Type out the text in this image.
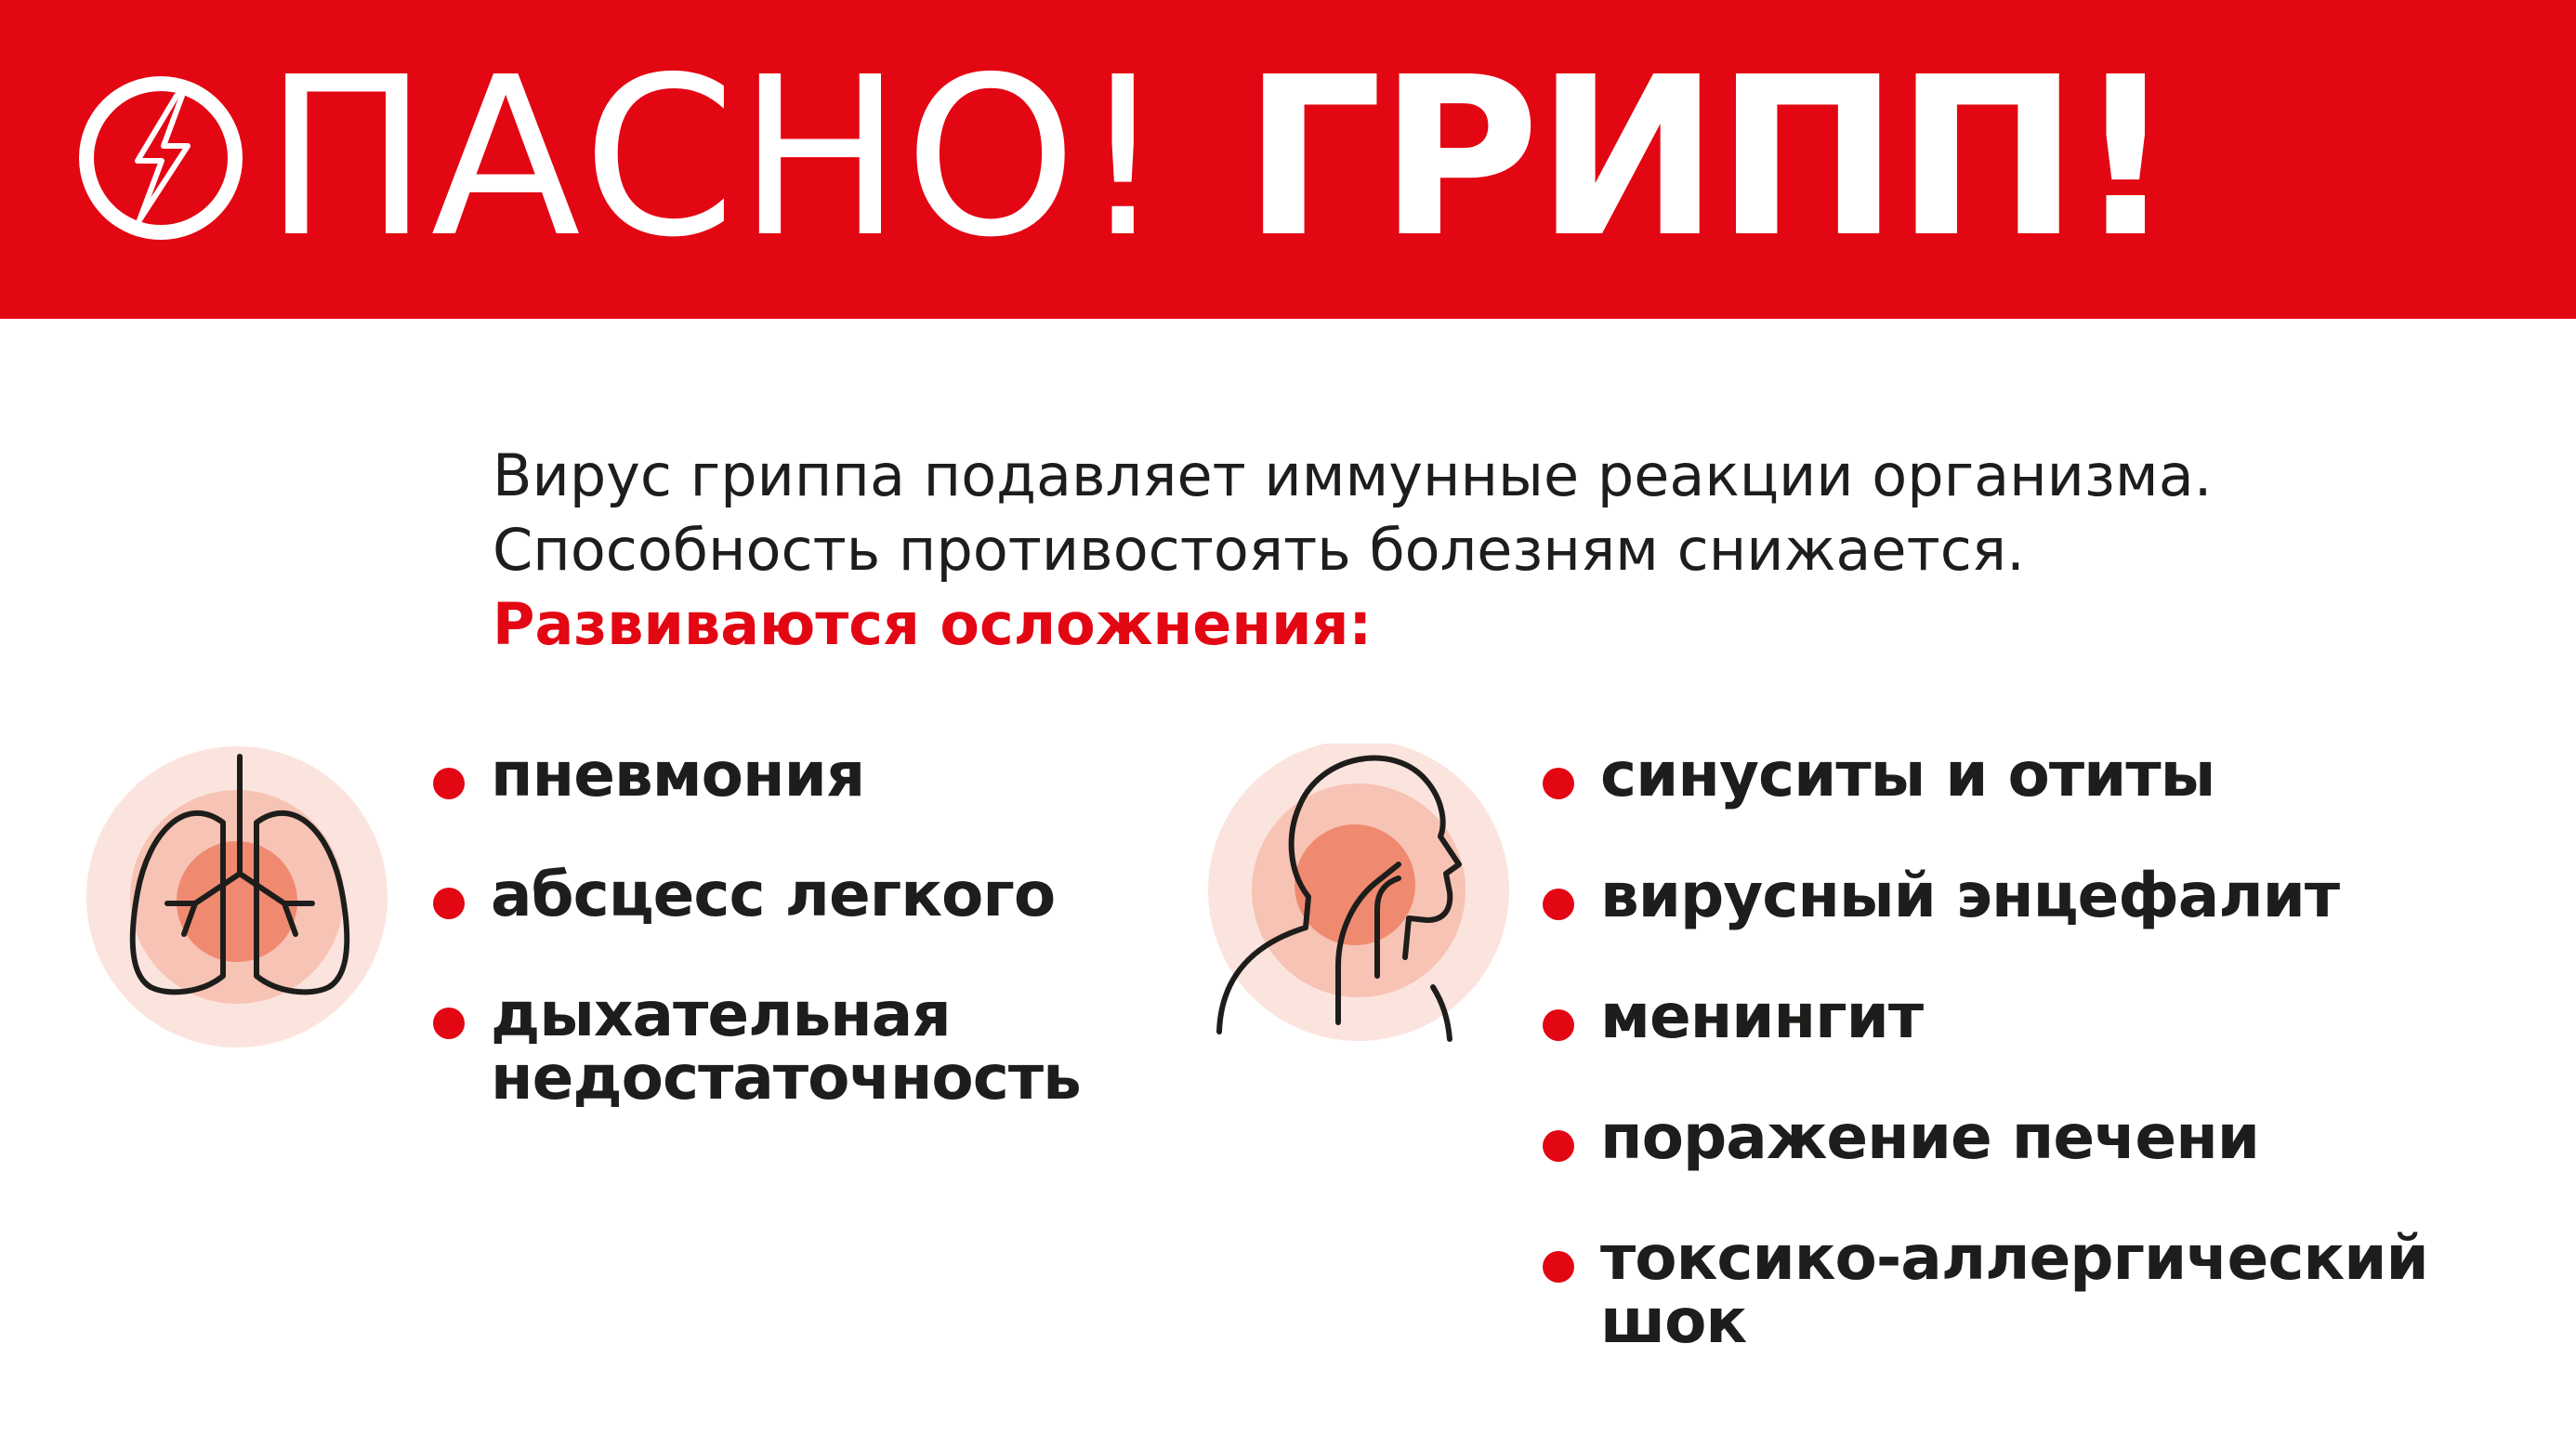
ПАСНО! ГРИПП!
Вирус гриппа подавляет иммунные реакции организма.
Способность противостоять болезням снижается.
Развиваются осложнения:
пневмония
абсцесс легкого
дыхательная
недостаточность
синуситы и отиты
вирусный энцефалит
менингит
поражение печени
токсико-аллергический
шок
